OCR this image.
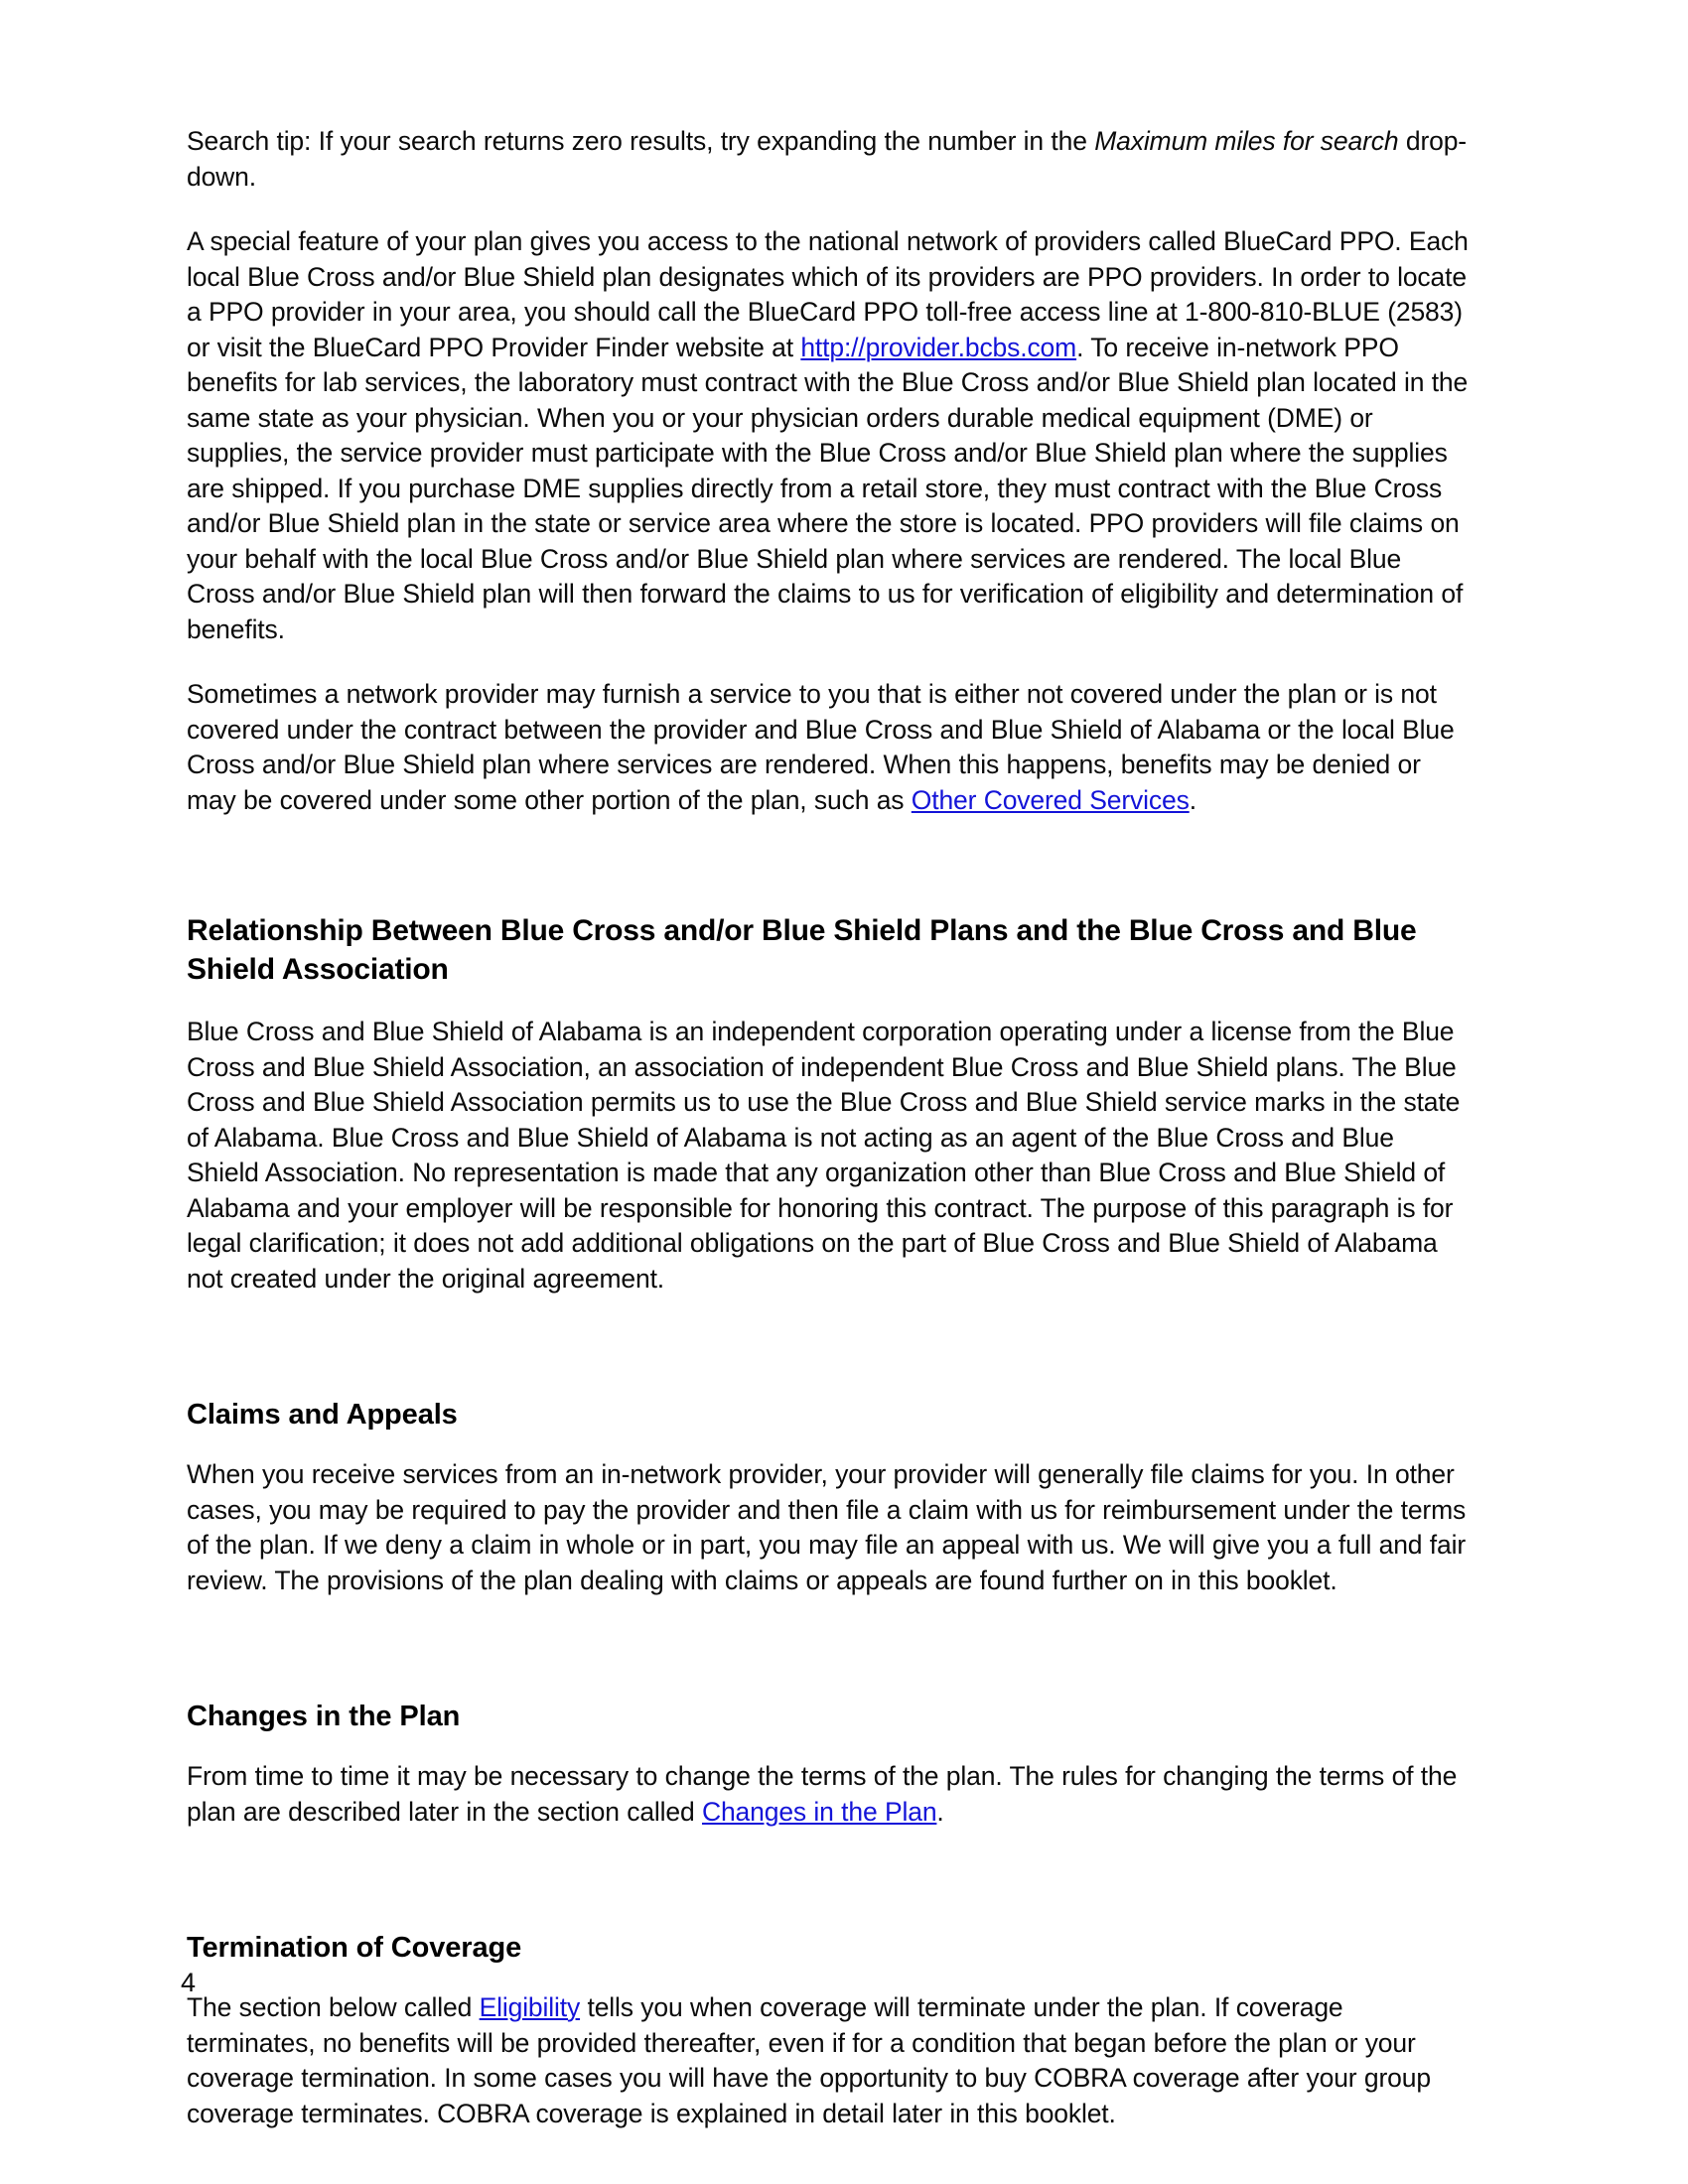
Search tip: If your search returns zero results, try expanding the number in the Maximum miles for search drop-down.

A special feature of your plan gives you access to the national network of providers called BlueCard PPO. Each local Blue Cross and/or Blue Shield plan designates which of its providers are PPO providers. In order to locate a PPO provider in your area, you should call the BlueCard PPO toll-free access line at 1-800-810-BLUE (2583) or visit the BlueCard PPO Provider Finder website at http://provider.bcbs.com. To receive in-network PPO benefits for lab services, the laboratory must contract with the Blue Cross and/or Blue Shield plan located in the same state as your physician. When you or your physician orders durable medical equipment (DME) or supplies, the service provider must participate with the Blue Cross and/or Blue Shield plan where the supplies are shipped. If you purchase DME supplies directly from a retail store, they must contract with the Blue Cross and/or Blue Shield plan in the state or service area where the store is located. PPO providers will file claims on your behalf with the local Blue Cross and/or Blue Shield plan where services are rendered. The local Blue Cross and/or Blue Shield plan will then forward the claims to us for verification of eligibility and determination of benefits.

Sometimes a network provider may furnish a service to you that is either not covered under the plan or is not covered under the contract between the provider and Blue Cross and Blue Shield of Alabama or the local Blue Cross and/or Blue Shield plan where services are rendered. When this happens, benefits may be denied or may be covered under some other portion of the plan, such as Other Covered Services.

Relationship Between Blue Cross and/or Blue Shield Plans and the Blue Cross and Blue Shield Association

Blue Cross and Blue Shield of Alabama is an independent corporation operating under a license from the Blue Cross and Blue Shield Association, an association of independent Blue Cross and Blue Shield plans. The Blue Cross and Blue Shield Association permits us to use the Blue Cross and Blue Shield service marks in the state of Alabama. Blue Cross and Blue Shield of Alabama is not acting as an agent of the Blue Cross and Blue Shield Association. No representation is made that any organization other than Blue Cross and Blue Shield of Alabama and your employer will be responsible for honoring this contract. The purpose of this paragraph is for legal clarification; it does not add additional obligations on the part of Blue Cross and Blue Shield of Alabama not created under the original agreement.

Claims and Appeals

When you receive services from an in-network provider, your provider will generally file claims for you. In other cases, you may be required to pay the provider and then file a claim with us for reimbursement under the terms of the plan. If we deny a claim in whole or in part, you may file an appeal with us. We will give you a full and fair review. The provisions of the plan dealing with claims or appeals are found further on in this booklet.

Changes in the Plan

From time to time it may be necessary to change the terms of the plan. The rules for changing the terms of the plan are described later in the section called Changes in the Plan.

Termination of Coverage

The section below called Eligibility tells you when coverage will terminate under the plan. If coverage terminates, no benefits will be provided thereafter, even if for a condition that began before the plan or your coverage termination. In some cases you will have the opportunity to buy COBRA coverage after your group coverage terminates. COBRA coverage is explained in detail later in this booklet.

4
